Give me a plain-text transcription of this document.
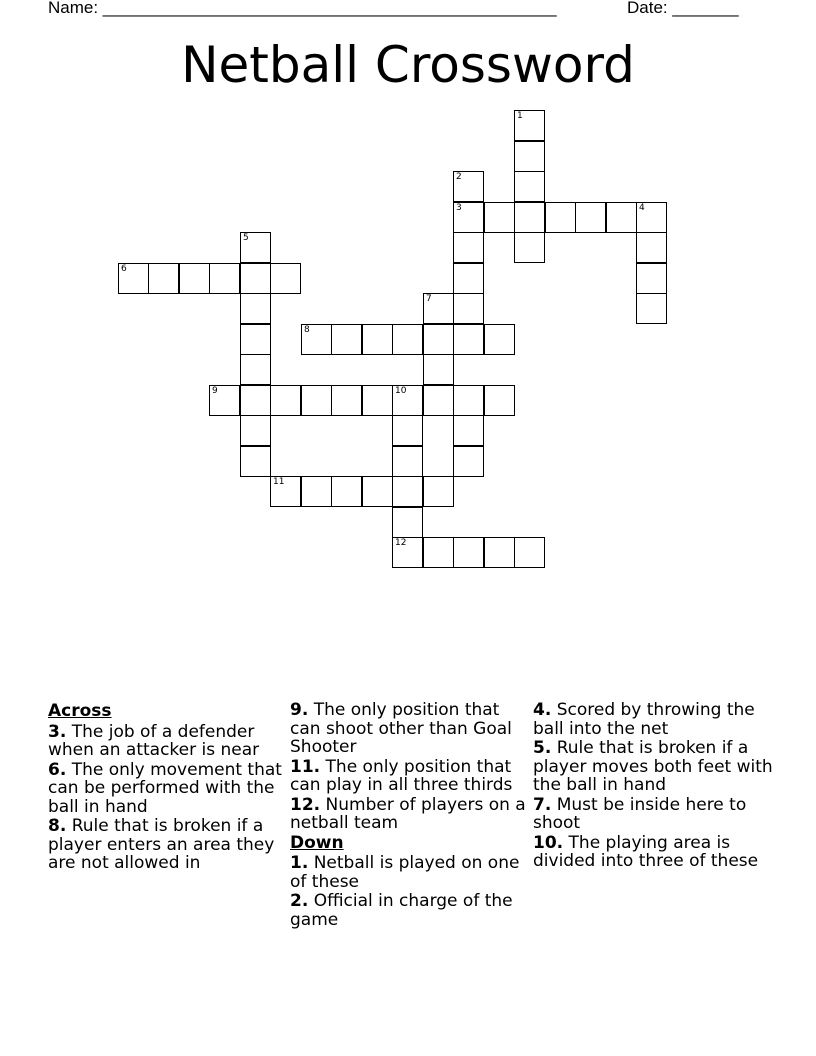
Name: ________________________________________________	Date: _______
Netball Crossword
1
2
3	4
5
6
7
8
9	10
11
12
Across
3. The job of a defender when an attacker is near
6. The only movement that can be performed with the ball in hand
8. Rule that is broken if a player enters an area they are not allowed in
9. The only position that can shoot other than Goal Shooter
11. The only position that can play in all three thirds
12. Number of players on a netball team
Down
1. Netball is played on one of these
2. Official in charge of the game
4. Scored by throwing the ball into the net
5. Rule that is broken if a player moves both feet with the ball in hand
7. Must be inside here to shoot
10. The playing area is divided into three of these
